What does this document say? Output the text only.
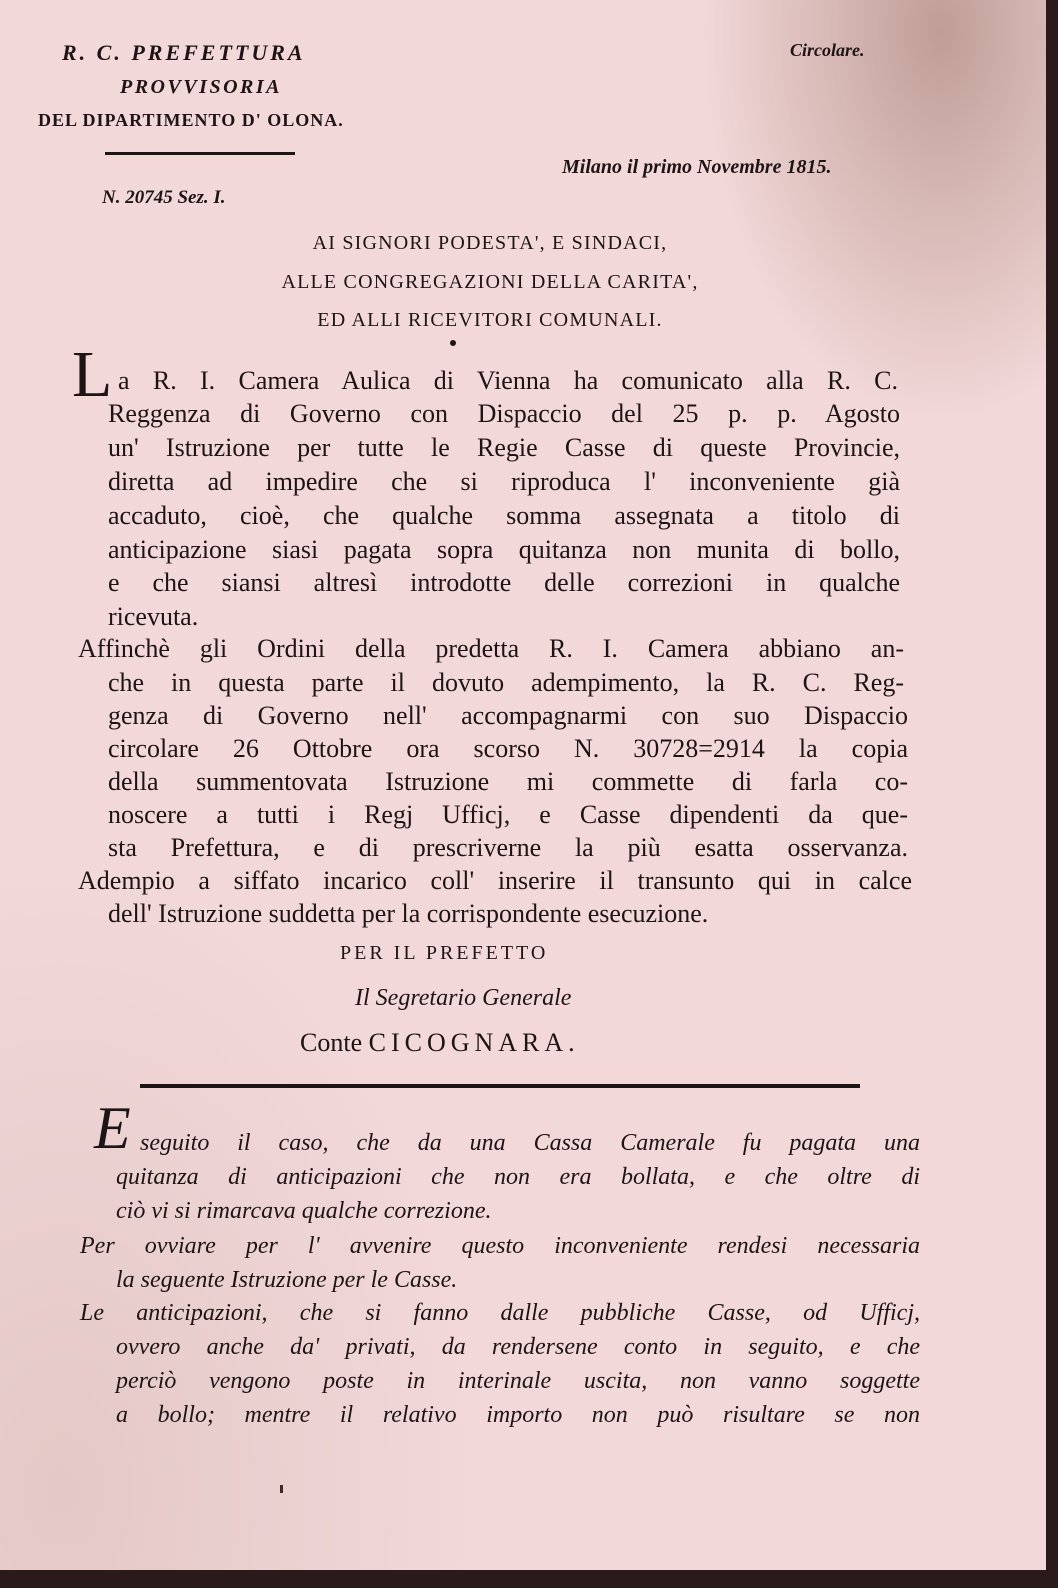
R. C. PREFETTURA
PROVVISORIA
DEL DIPARTIMENTO D' OLONA.
Circolare.
Milano il primo Novembre 1815.
N. 20745 Sez. I.
AI SIGNORI PODESTA', E SINDACI,
ALLE CONGREGAZIONI DELLA CARITA',
ED ALLI RICEVITORI COMUNALI.
L a R. I. Camera Aulica di Vienna ha comunicato alla R. C.
Reggenza di Governo con Dispaccio del 25 p. p. Agosto
un' Istruzione per tutte le Regie Casse di queste Provincie,
diretta ad impedire che si riproduca l' inconveniente già
accaduto, cioè, che qualche somma assegnata a titolo di
anticipazione siasi pagata sopra quitanza non munita di bollo,
e che siansi altresì introdotte delle correzioni in qualche
ricevuta.
Affinchè gli Ordini della predetta R. I. Camera abbiano an-
che in questa parte il dovuto adempimento, la R. C. Reg-
genza di Governo nell' accompagnarmi con suo Dispaccio
circolare 26 Ottobre ora scorso N. 30728=2914 la copia
della summentovata Istruzione mi commette di farla co-
noscere a tutti i Regj Ufficj, e Casse dipendenti da que-
sta Prefettura, e di prescriverne la più esatta osservanza.
Adempio a siffato incarico coll' inserire il transunto qui in calce
dell' Istruzione suddetta per la corrispondente esecuzione.
PER IL PREFETTO
Il Segretario Generale
Conte CICOGNARA.
E seguito il caso, che da una Cassa Camerale fu pagata una
quitanza di anticipazioni che non era bollata, e che oltre di
ciò vi si rimarcava qualche correzione.
Per ovviare per l' avvenire questo inconveniente rendesi necessaria
la seguente Istruzione per le Casse.
Le anticipazioni, che si fanno dalle pubbliche Casse, od Ufficj,
ovvero anche da' privati, da rendersene conto in seguito, e che
perciò vengono poste in interinale uscita, non vanno soggette
a bollo; mentre il relativo importo non può risultare se non
